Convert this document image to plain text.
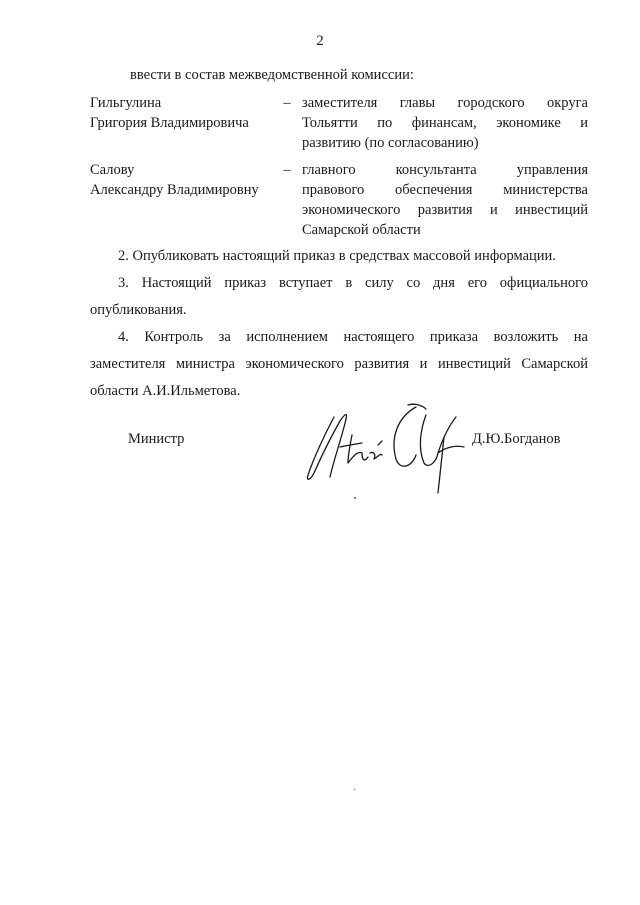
2
ввести в состав межведомственной комиссии:
Гильгулина
Григория Владимировича
– заместителя главы городского округа
Тольятти по финансам, экономике и
развитию (по согласованию)
Салову
Александру Владимировну
– главного консультанта управления
правового обеспечения министерства
экономического развития и инвестиций
Самарской области
2. Опубликовать настоящий приказ в средствах массовой информации.
3. Настоящий приказ вступает в силу со дня его официального
опубликования.
4. Контроль за исполнением настоящего приказа возложить на
заместителя министра экономического развития и инвестиций Самарской
области А.И.Ильметова.
Министр	Д.Ю.Богданов
